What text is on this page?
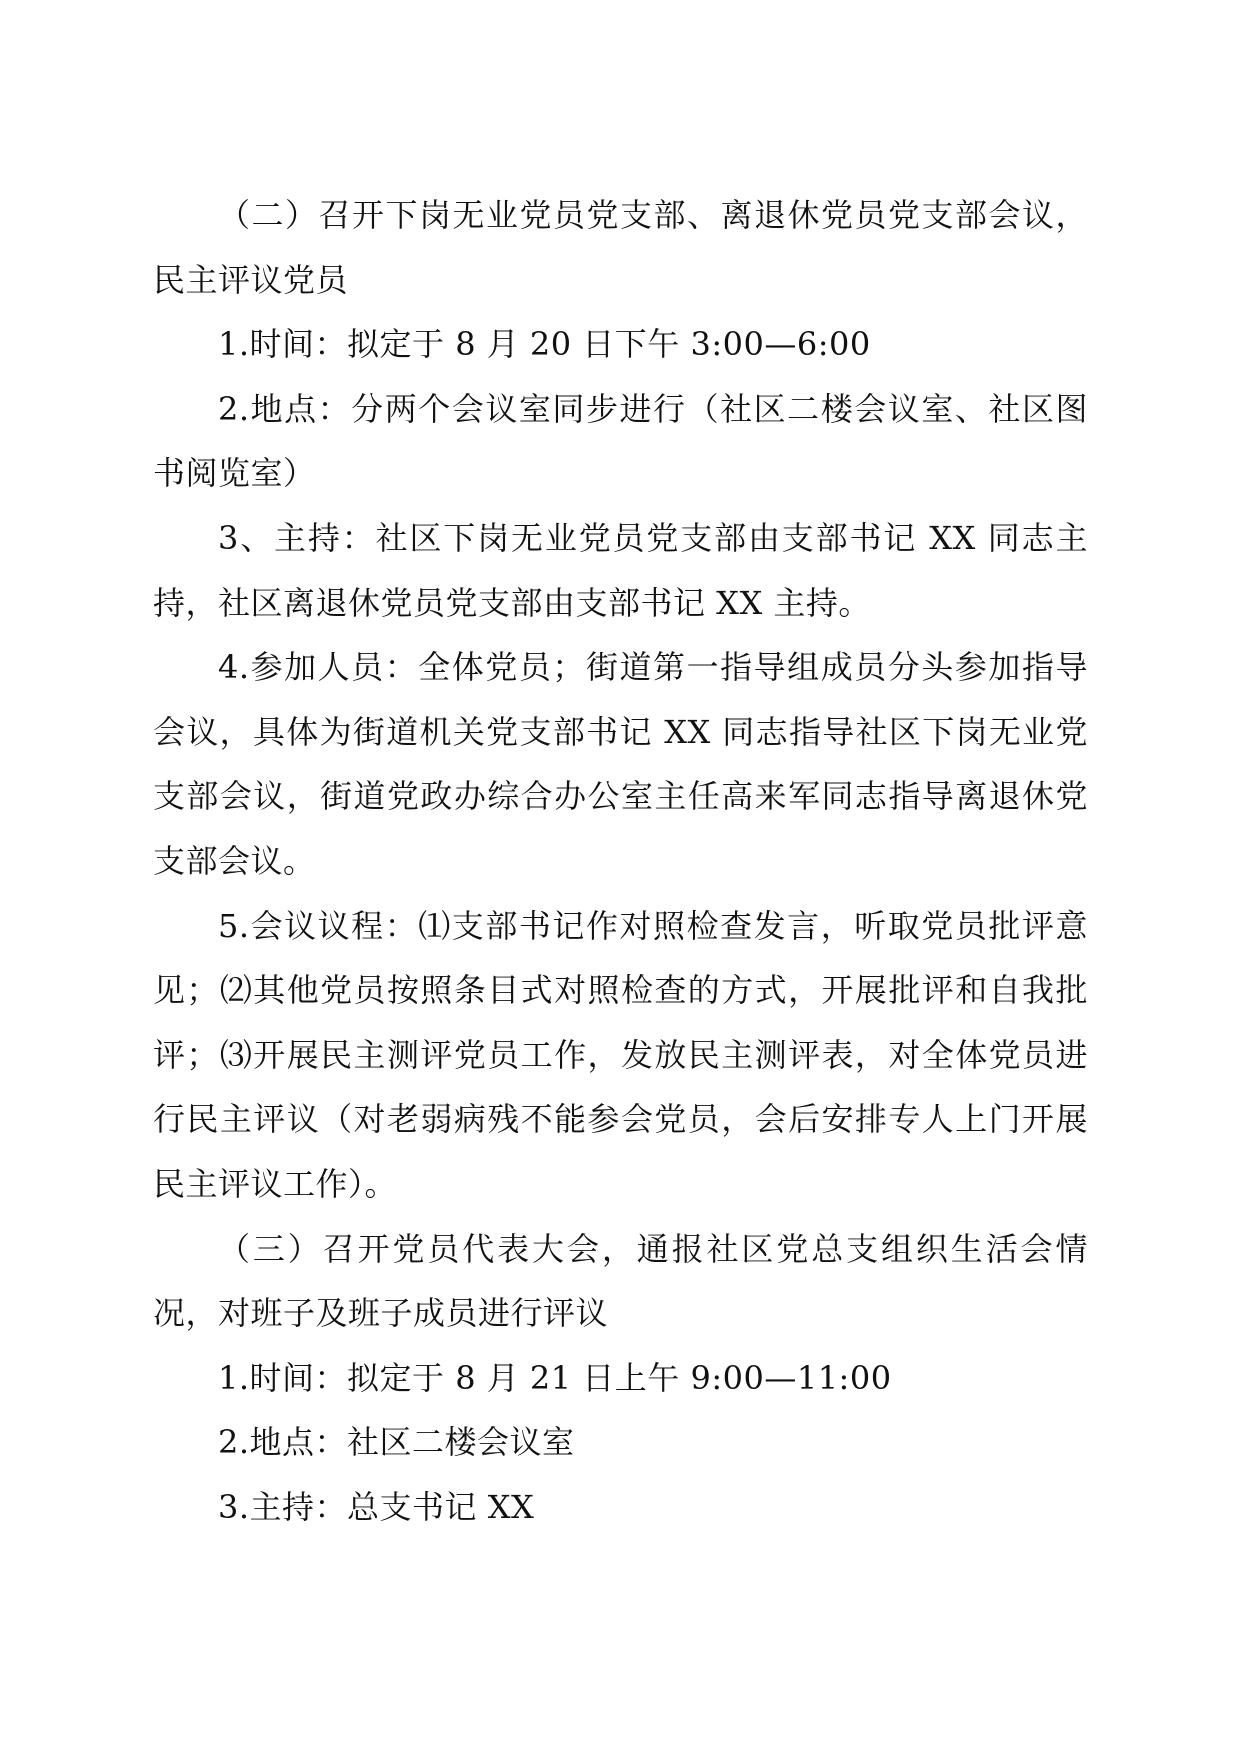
（二）召开下岗无业党员党支部、离退休党员党支部会议，民主评议党员

1.时间：拟定于 8 月 20 日下午 3:00—6:00

2.地点：分两个会议室同步进行（社区二楼会议室、社区图书阅览室）

3、主持：社区下岗无业党员党支部由支部书记 XX 同志主持，社区离退休党员党支部由支部书记 XX 主持。

4.参加人员：全体党员；街道第一指导组成员分头参加指导会议，具体为街道机关党支部书记 XX 同志指导社区下岗无业党支部会议，街道党政办综合办公室主任高来军同志指导离退休党支部会议。

5.会议议程：⑴支部书记作对照检查发言，听取党员批评意见；⑵其他党员按照条目式对照检查的方式，开展批评和自我批评；⑶开展民主测评党员工作，发放民主测评表，对全体党员进行民主评议（对老弱病残不能参会党员，会后安排专人上门开展民主评议工作）。

（三）召开党员代表大会，通报社区党总支组织生活会情况，对班子及班子成员进行评议

1.时间：拟定于 8 月 21 日上午 9:00—11:00

2.地点：社区二楼会议室

3.主持：总支书记 XX
